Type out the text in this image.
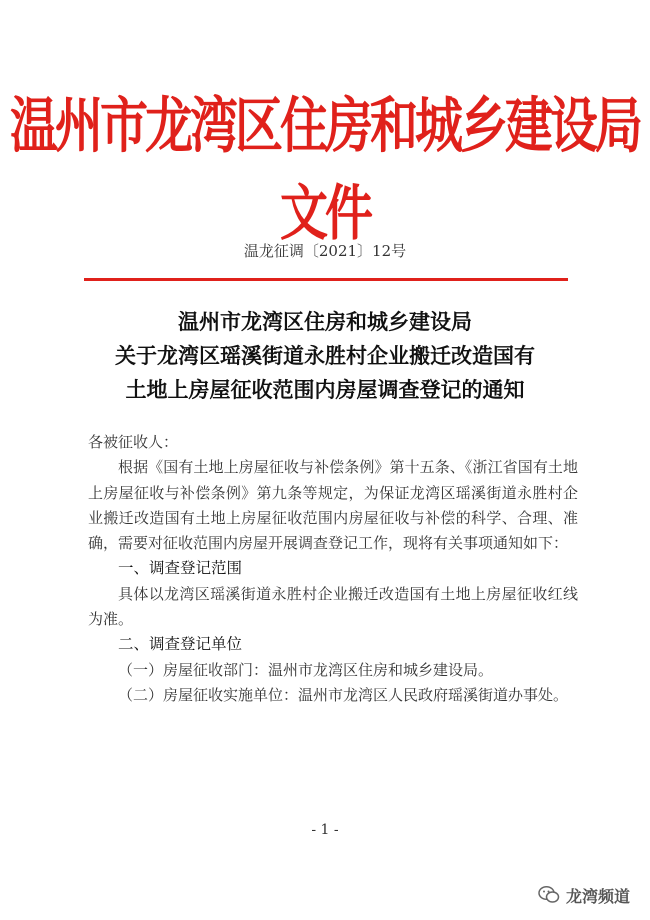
温州市龙湾区住房和城乡建设局文件
温龙征调〔2021〕12号
温州市龙湾区住房和城乡建设局
关于龙湾区瑶溪街道永胜村企业搬迁改造国有
土地上房屋征收范围内房屋调查登记的通知

各被征收人：

根据《国有土地上房屋征收与补偿条例》第十五条、《浙江省国有土地上房屋征收与补偿条例》第九条等规定，为保证龙湾区瑶溪街道永胜村企业搬迁改造国有土地上房屋征收范围内房屋征收与补偿的科学、合理、准确，需要对征收范围内房屋开展调查登记工作，现将有关事项通知如下：

一、调查登记范围

具体以龙湾区瑶溪街道永胜村企业搬迁改造国有土地上房屋征收红线为准。

二、调查登记单位

（一）房屋征收部门：温州市龙湾区住房和城乡建设局。

（二）房屋征收实施单位：温州市龙湾区人民政府瑶溪街道办事处。

- 1 -
龙湾频道
